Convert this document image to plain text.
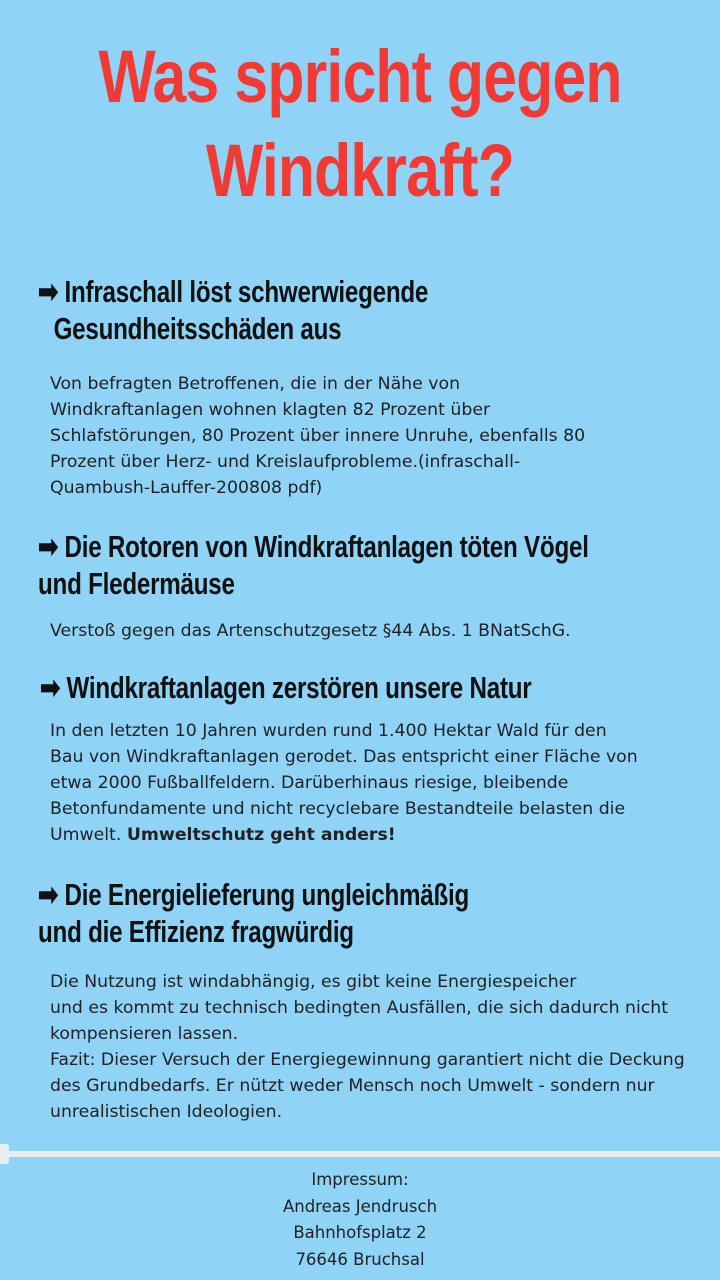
Was spricht gegen
Windkraft?
➡ Infraschall löst schwerwiegende
Gesundheitsschäden aus
Von befragten Betroffenen, die in der Nähe von
Windkraftanlagen wohnen klagten 82 Prozent über
Schlafstörungen, 80 Prozent über innere Unruhe, ebenfalls 80
Prozent über Herz- und Kreislaufprobleme.(infraschall-
Quambush-Lauffer-200808 pdf)
➡ Die Rotoren von Windkraftanlagen töten Vögel
und Fledermäuse
Verstoß gegen das Artenschutzgesetz §44 Abs. 1 BNatSchG.
➡ Windkraftanlagen zerstören unsere Natur
In den letzten 10 Jahren wurden rund 1.400 Hektar Wald für den
Bau von Windkraftanlagen gerodet. Das entspricht einer Fläche von
etwa 2000 Fußballfeldern. Darüberhinaus riesige, bleibende
Betonfundamente und nicht recyclebare Bestandteile belasten die
Umwelt. Umweltschutz geht anders!
➡ Die Energielieferung ungleichmäßig
und die Effizienz fragwürdig
Die Nutzung ist windabhängig, es gibt keine Energiespeicher
und es kommt zu technisch bedingten Ausfällen, die sich dadurch nicht
kompensieren lassen.
Fazit: Dieser Versuch der Energiegewinnung garantiert nicht die Deckung
des Grundbedarfs. Er nützt weder Mensch noch Umwelt - sondern nur
unrealistischen Ideologien.
Impressum:
Andreas Jendrusch
Bahnhofsplatz 2
76646 Bruchsal
